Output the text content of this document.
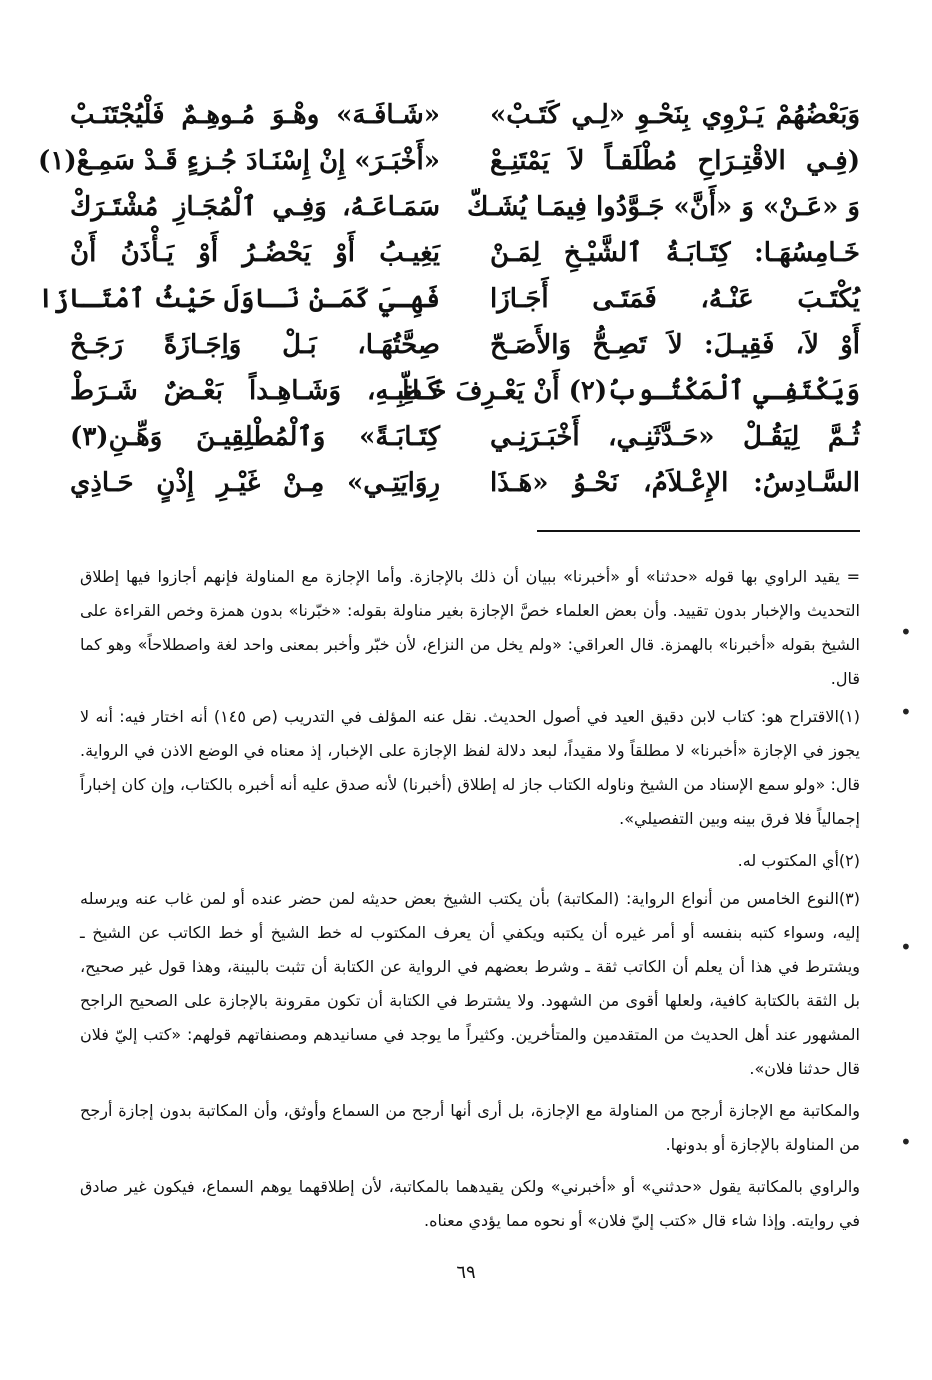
«شَـافَـهَ» وهْـوَ مُـوهِـمٌ فَلْيُجْتَنَـبْ
«أَخْبَـرَ» إِنْ إِسْنَـادَ جُـزءٍ قَـدْ سَمِـعْ(١)
سَمَـاعَـهُ، وَفِـي ٱلْمُجَـازِ مُشْتَـرَكْ
يَغِيـبُ أَوْ يَحْضُـرُ أَوْ يَـأْذَنُ أَنْ
فَهِـيَ كَمَـنْ نَـاوَلَ حَيْثُ ٱمْتَـازَا
صِحَّتُهَـا، بَـلْ وَاِجَـازَةً رَجَـحْ
كَـاتِبِـهِ، وَشَـاهِـداً بَعْـضٌ شَـرَطْ
كِتَـابَـةً» وَٱلْمُطْلِقِيـنَ وَهِّـنِ(٣)
رِوَايَتِـي» مِـنْ غَيْـرِ إِذْنٍ حَـاذِي
وَبَعْضُهُمْ يَـرْوِي بِنَحْـوِ «لِـي كَتَـبْ»
(فِـي الاقْتِـرَاحِ مُطْلَقـاً لاَ يَمْتَنِـعْ
وَ «عَـنْ» وَ «أَنَّ» جَـوَّدُوا فِيمَـا يُشَـكّ
خَـامِسُهَـا: كِتَـابَـةُ ٱلشَّيْـخِ لِمَـنْ
يُكْتَـبَ عَنْـهُ، فَمَتَـى أَجَـازَا
أَوْ لاَ، فَقِيـلَ: لاَ تَصِـحُّ وَالأَصَـحّ
وَيَكْتَفِـي ٱلْمَكْتُـوبُ(٢) أَنْ يَعْـرِفَ خَـطّ
ثُـمَّ لِيَقُـلْ «حَـدَّثَنِـي، أَخْبَـرَنِـي
السَّـادِسُ: الإِعْـلاَمُ، نَحْـوُ «هَـذَا

= يقيد الراوي بها قوله «حدثنا» أو «أخبرنا» ببيان أن ذلك بالإجازة. وأما الإجازة مع المناولة فإنهم أجازوا فيها إطلاق التحديث والإخبار بدون تقييد. وأن بعض العلماء خصَّ الإجازة بغير مناولة بقوله: «خبّرنا» بدون همزة وخص القراءة على الشيخ بقوله «أخبرنا» بالهمزة. قال العراقي: «ولم يخل من النزاع، لأن خبّر وأخبر بمعنى واحد لغة واصطلاحاً» وهو كما قال.

(١)الاقتراح هو: كتاب لابن دقيق العيد في أصول الحديث. نقل عنه المؤلف في التدريب (ص ١٤٥) أنه اختار فيه: أنه لا يجوز في الإجازة «أخبرنا» لا مطلقاً ولا مقيداً، لبعد دلالة لفظ الإجازة على الإخبار، إذ معناه في الوضع الاذن في الرواية. قال: «ولو سمع الإسناد من الشيخ وناوله الكتاب جاز له إطلاق (أخبرنا) لأنه صدق عليه أنه أخبره بالكتاب، وإن كان إخباراً إجمالياً فلا فرق بينه وبين التفصيلي».

(٢)أي المكتوب له.

(٣)النوع الخامس من أنواع الرواية: (المكاتبة) بأن يكتب الشيخ بعض حديثه لمن حضر عنده أو لمن غاب عنه ويرسله إليه، وسواء كتبه بنفسه أو أمر غيره أن يكتبه ويكفي أن يعرف المكتوب له خط الشيخ أو خط الكاتب عن الشيخ ـ ويشترط في هذا أن يعلم أن الكاتب ثقة ـ وشرط بعضهم في الرواية عن الكتابة أن تثبت بالبينة، وهذا قول غير صحيح، بل الثقة بالكتابة كافية، ولعلها أقوى من الشهود. ولا يشترط في الكتابة أن تكون مقرونة بالإجازة على الصحيح الراجح المشهور عند أهل الحديث من المتقدمين والمتأخرين. وكثيراً ما يوجد في مسانيدهم ومصنفاتهم قولهم: «كتب إليّ فلان قال حدثنا فلان».

والمكاتبة مع الإجازة أرجح من المناولة مع الإجازة، بل أرى أنها أرجح من السماع وأوثق، وأن المكاتبة بدون إجازة أرجح من المناولة بالإجازة أو بدونها.

والراوي بالمكاتبة يقول «حدثني» أو «أخبرني» ولكن يقيدهما بالمكاتبة، لأن إطلاقهما يوهم السماع، فيكون غير صادق في روايته. وإذا شاء قال «كتب إليّ فلان» أو نحوه مما يؤدي معناه.

٦٩
•
•
•
•
